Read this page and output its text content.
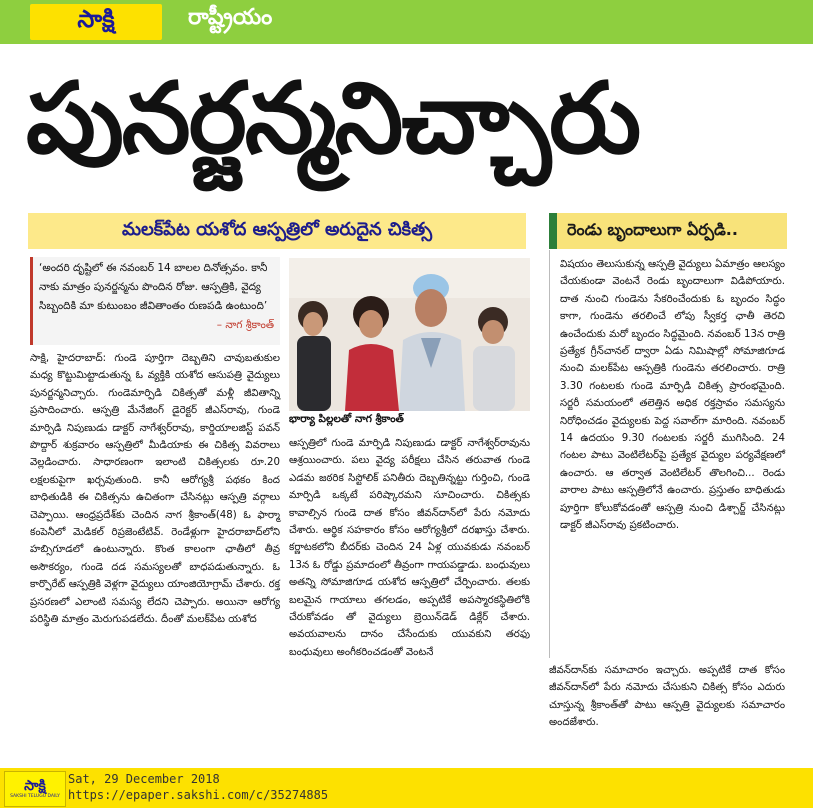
సాక్షి	రాష్ట్రీయం
పునర్జన్మనిచ్చారు
మలక్‌పేట యశోద ఆస్పత్రిలో అరుదైన చికిత్స	రెండు బృందాలుగా ఏర్పడి..

‘అందరి దృష్టిలో ఈ నవంబర్‌ 14 బాలల దినోత్సవం. కానీ నాకు మాత్రం పునర్జన్మను పొందిన రోజు. ఆస్పత్రికి, వైద్య సిబ్బందికి మా కుటుంబం జీవితాంతం రుణపడి ఉంటుంది’

– నాగ శ్రీకాంత్‌

భార్యా పిల్లలతో నాగ శ్రీకాంత్‌

సాక్షి, హైదరాబాద్‌: గుండె పూర్తిగా దెబ్బతిని చావుబతుకుల మధ్య కొట్టుమిట్టాడుతున్న ఓ వ్యక్తికి యశోద ఆసుపత్రి వైద్యులు పునర్జన్మనిచ్చారు. గుండెమార్పిడి చికిత్సతో మళ్లీ జీవితాన్ని ప్రసాదించారు. ఆస్పత్రి మేనేజింగ్‌ డైరెక్టర్‌ జీఎస్‌రావు, గుండె మార్పిడి నిపుణుడు డాక్టర్‌ నాగేశ్వర్‌రావు, కార్డియాలజిస్ట్‌ పవన్‌ పొద్దార్‌ శుక్రవారం ఆస్పత్రిలో మీడియాకు ఈ చికిత్స వివరాలు వెల్లడించారు. సాధారణంగా ఇలాంటి చికిత్సలకు రూ.20 లక్షలకుపైగా ఖర్చవుతుంది. కానీ ఆరోగ్యశ్రీ పథకం కింద బాధితుడికి ఈ చికిత్సను ఉచితంగా చేసినట్లు ఆస్పత్రి వర్గాలు చెప్పాయి. ఆంధ్రప్రదేశ్‌కు చెందిన నాగ శ్రీకాంత్‌(48) ఓ ఫార్మా కంపెనీలో మెడికల్‌ రిప్రజెంటేటివ్‌. రెండేళ్లుగా హైదరాబాద్‌లోని హబ్సిగూడలో ఉంటున్నారు. కొంత కాలంగా ఛాతీలో తీవ్ర అసౌకర్యం, గుండె దడ సమస్యలతో బాధపడుతున్నారు. ఓ కార్పొరేట్‌ ఆస్పత్రికి వెళ్లగా వైద్యులు యాంజియోగ్రామ్‌ చేశారు. రక్త ప్రసరణలో ఎలాంటి సమస్య లేదని చెప్పారు. అయినా ఆరోగ్య పరిస్థితి మాత్రం మెరుగుపడలేదు. దీంతో మలక్‌పేట యశోద

ఆస్పత్రిలో గుండె మార్పిడి నిపుణుడు డాక్టర్‌ నాగేశ్వర్‌రావును ఆశ్రయించారు. పలు వైద్య పరీక్షలు చేసిన తరువాత గుండె ఎడమ జఠరిక సిస్టోలిక్‌ పనితీరు దెబ్బతిన్నట్టు గుర్తించి, గుండె మార్పిడి ఒక్కటే పరిష్కారమని సూచించారు. చికిత్సకు కావాల్సిన గుండె దాత కోసం జీవన్‌దాన్‌లో పేరు నమోదు చేశారు. ఆర్థిక సహకారం కోసం ఆరోగ్యశ్రీలో దరఖాస్తు చేశారు. కర్ణాటకలోని బీదర్‌కు చెందిన 24 ఏళ్ల యువకుడు నవంబర్‌ 13న ఓ రోడ్డు ప్రమాదంలో తీవ్రంగా గాయపడ్డాడు. బంధువులు అతన్ని సోమాజిగూడ యశోద ఆస్పత్రిలో చేర్పించారు. తలకు బలమైన గాయాలు తగలడం, అప్పటికే అపస్మారకస్థితిలోకి చేరుకోవడం తో వైద్యులు బ్రెయిన్‌డెడ్‌ డిక్లేర్‌ చేశారు. అవయవాలను దానం చేసేందుకు యువకుని తరఫు బంధువులు అంగీకరించడంతో వెంటనే

విషయం తెలుసుకున్న ఆస్పత్రి వైద్యులు ఏమాత్రం ఆలస్యం చేయకుండా వెంటనే రెండు బృందాలుగా విడిపోయారు. దాత నుంచి గుండెను సేకరించేందుకు ఓ బృందం సిద్ధం కాగా, గుండెను తరలించే లోపు స్వీకర్త ఛాతీ తెరచి ఉంచేందుకు మరో బృందం సిద్ధమైంది. నవంబర్‌ 13న రాత్రి ప్రత్యేక గ్రీన్‌చానల్‌ ద్వారా ఏడు నిమిషాల్లో సోమాజిగూడ నుంచి మలక్‌పేట ఆస్పత్రికి గుండెను తరలించారు. రాత్రి 3.30 గంటలకు గుండె మార్పిడి చికిత్స ప్రారంభమైంది. సర్జరీ సమయంలో తలెత్తిన అధిక రక్తస్రావం సమస్యను నిరోధించడం వైద్యులకు పెద్ద సవాల్‌గా మారింది. నవంబర్‌ 14 ఉదయం 9.30 గంటలకు సర్జరీ ముగిసింది. 24 గంటల పాటు వెంటిలేటర్‌పై ప్రత్యేక వైద్యుల పర్యవేక్షణలో ఉంచారు. ఆ తర్వాత వెంటిలేటర్‌ తొలగించి... రెండు వారాల పాటు ఆస్పత్రిలోనే ఉంచారు. ప్రస్తుతం బాధితుడు పూర్తిగా కోలుకోవడంతో ఆస్పత్రి నుంచి డిశ్చార్జ్‌ చేసినట్లు డాక్టర్‌ జీఎస్‌రావు ప్రకటించారు.

జీవన్‌దాన్‌కు సమాచారం ఇచ్చారు. అప్పటికే దాత కోసం జీవన్‌దాన్‌లో పేరు నమోదు చేసుకుని చికిత్స కోసం ఎదురు చూస్తున్న శ్రీకాంత్‌తో పాటు ఆస్పత్రి వైద్యులకు సమాచారం అందజేశారు.

సాక్షి
SAKSHI TELUGU DAILY
Sat, 29 December 2018
https://epaper.sakshi.com/c/35274885
